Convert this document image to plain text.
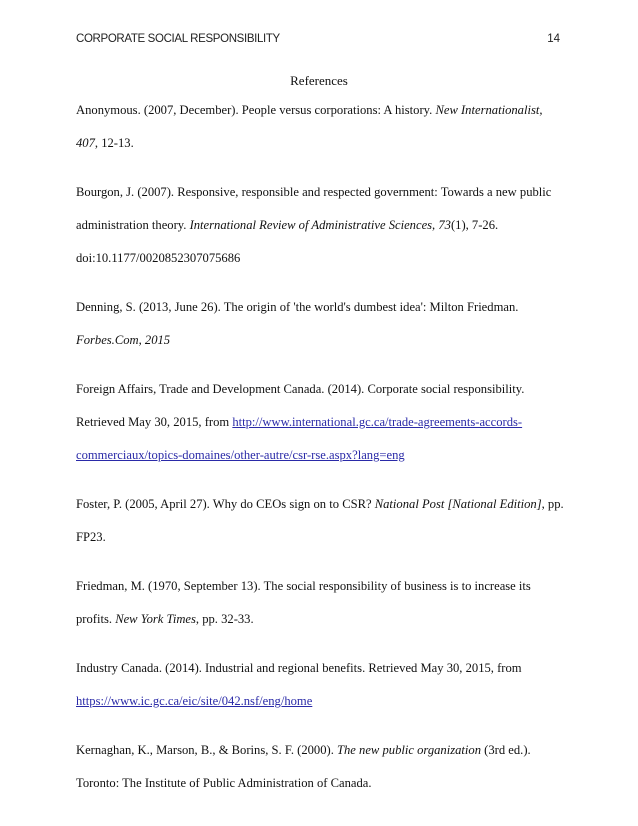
CORPORATE SOCIAL RESPONSIBILITY	14
References
Anonymous. (2007, December). People versus corporations: A history. New Internationalist,
407, 12-13.
Bourgon, J. (2007). Responsive, responsible and respected government: Towards a new public
administration theory. International Review of Administrative Sciences, 73(1), 7-26.
doi:10.1177/0020852307075686
Denning, S. (2013, June 26). The origin of 'the world's dumbest idea': Milton Friedman.
Forbes.Com, 2015
Foreign Affairs, Trade and Development Canada. (2014). Corporate social responsibility.
Retrieved May 30, 2015, from http://www.international.gc.ca/trade-agreements-accords-
commerciaux/topics-domaines/other-autre/csr-rse.aspx?lang=eng
Foster, P. (2005, April 27). Why do CEOs sign on to CSR? National Post [National Edition], pp.
FP23.
Friedman, M. (1970, September 13). The social responsibility of business is to increase its
profits. New York Times, pp. 32-33.
Industry Canada. (2014). Industrial and regional benefits. Retrieved May 30, 2015, from
https://www.ic.gc.ca/eic/site/042.nsf/eng/home
Kernaghan, K., Marson, B., & Borins, S. F. (2000). The new public organization (3rd ed.).
Toronto: The Institute of Public Administration of Canada.
